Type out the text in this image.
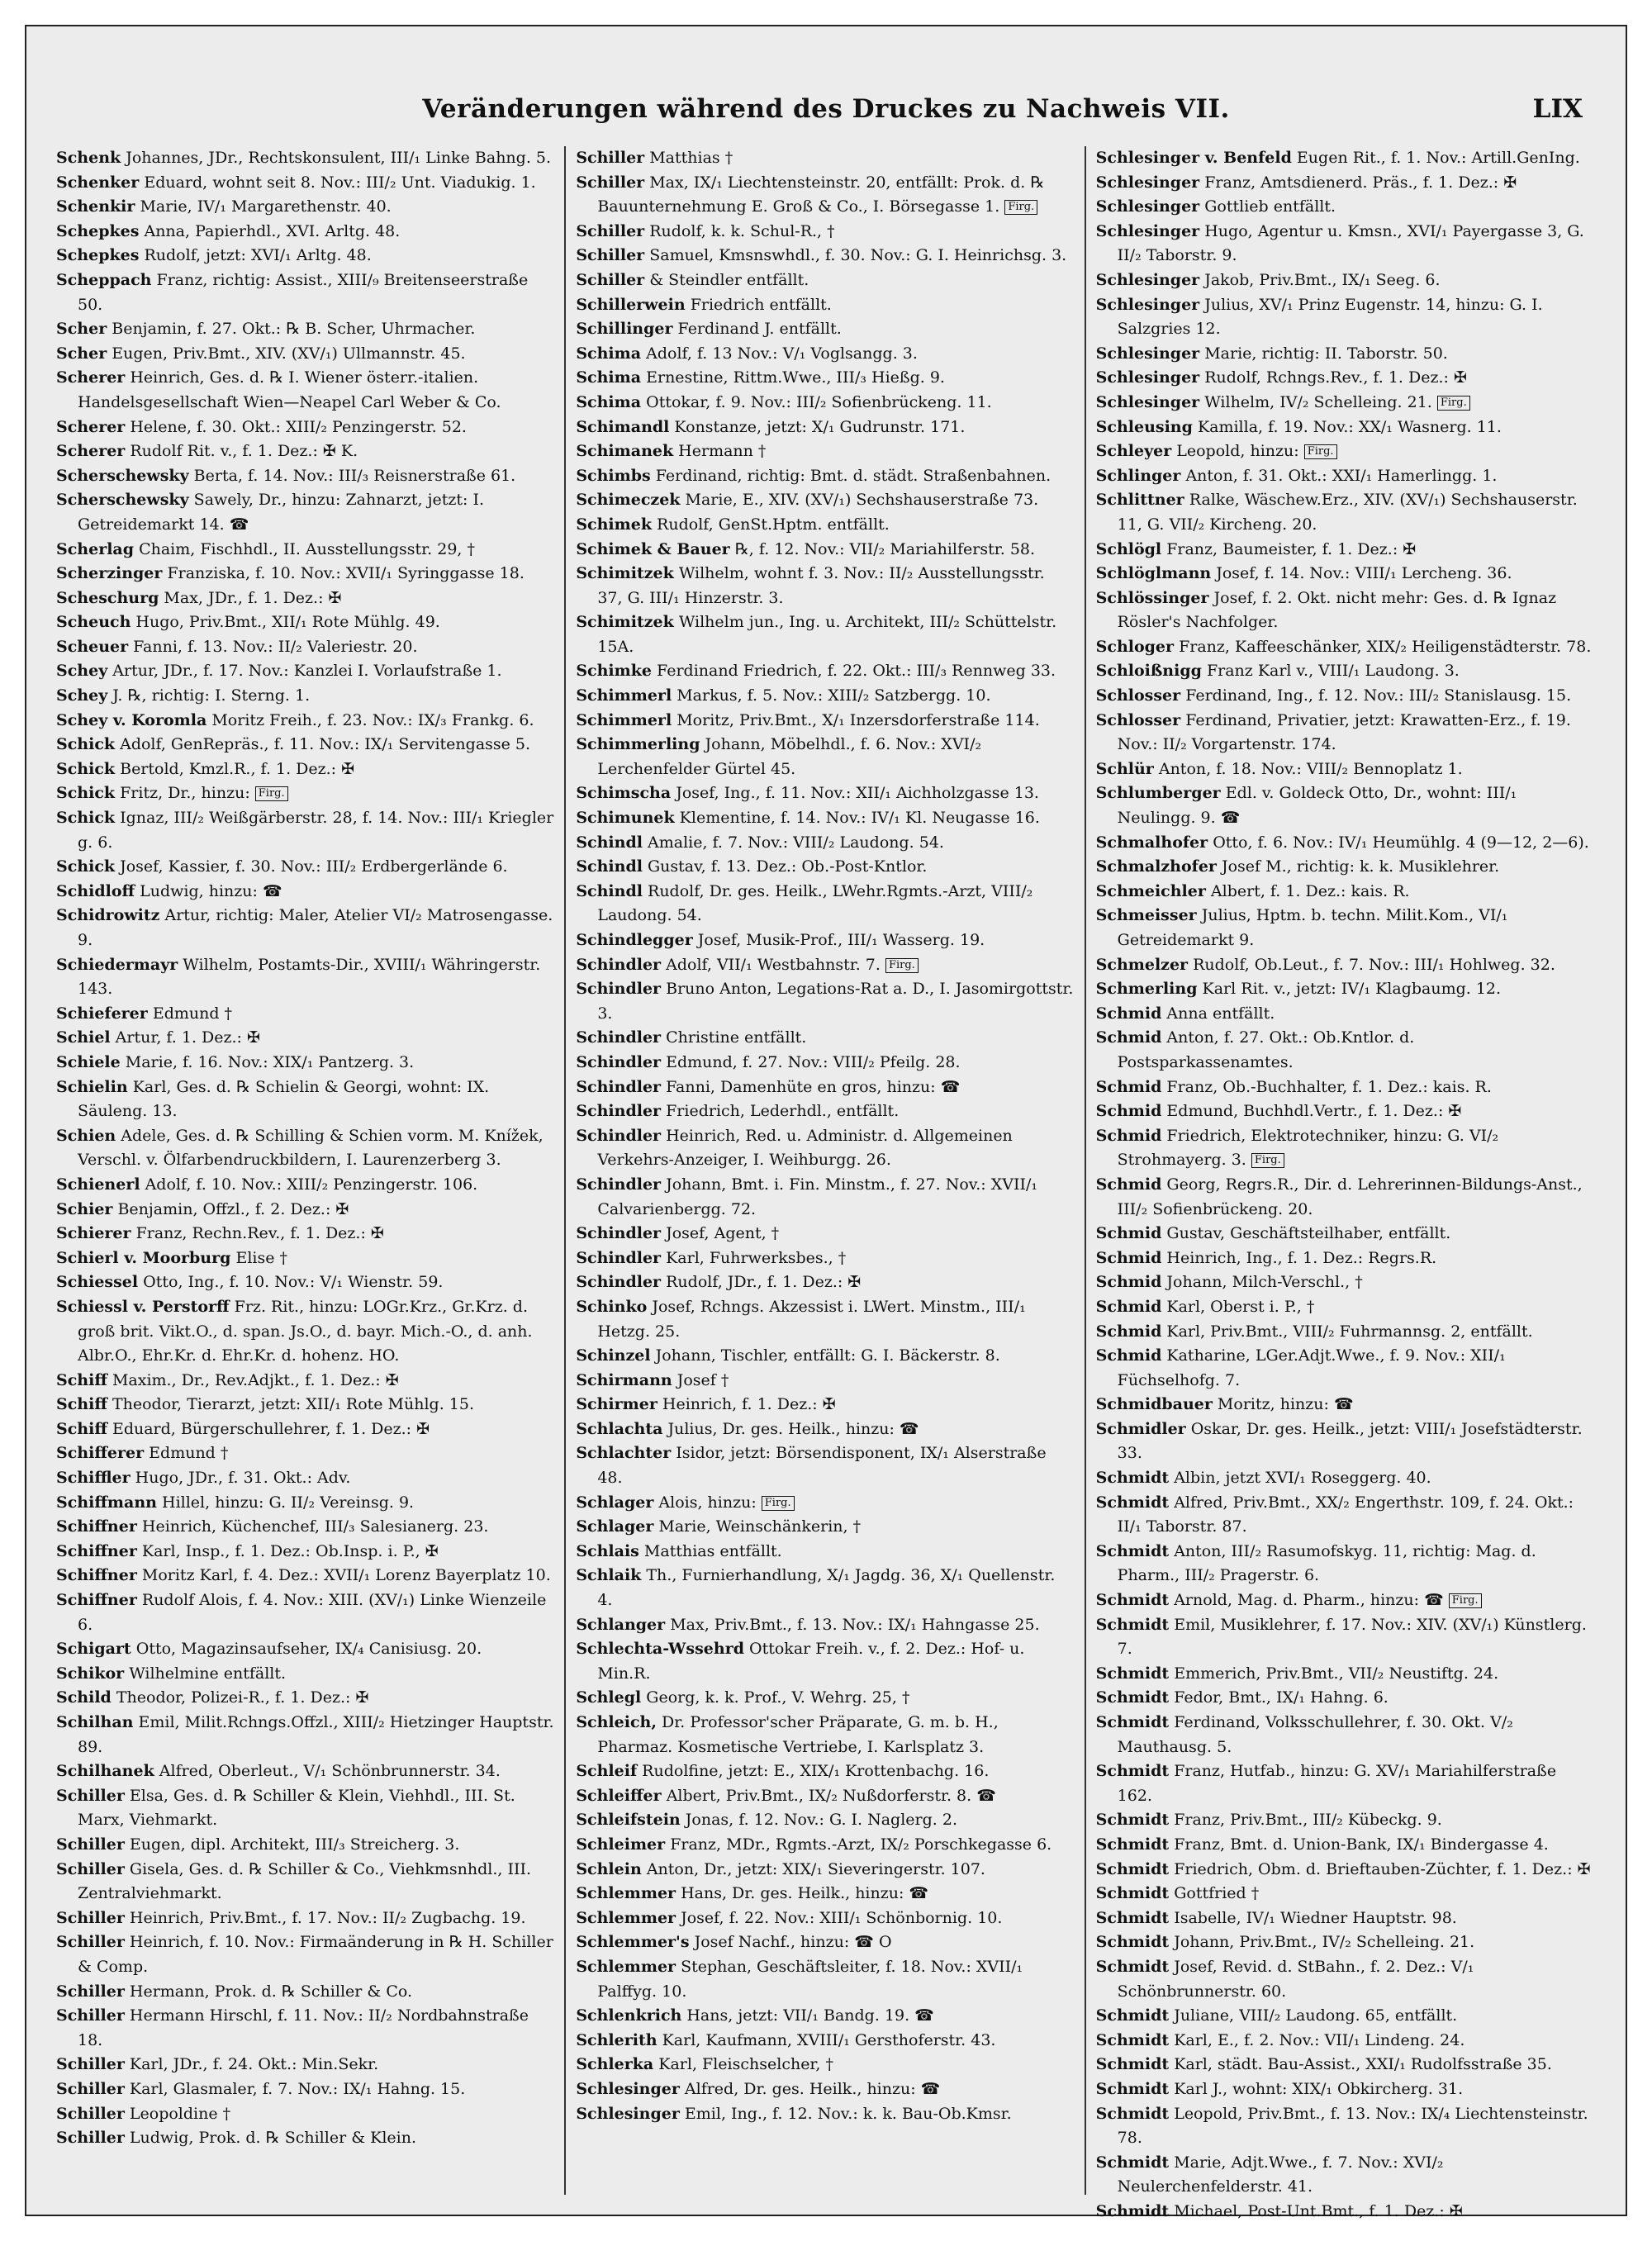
Veränderungen während des Druckes zu Nachweis VII.	LIX
Schenk Johannes, JDr., Rechtskonsulent, III/₁ Linke Bahng. 5.
Schenker Eduard, wohnt seit 8. Nov.: III/₂ Unt. Viadukig. 1.
Schenkir Marie, IV/₁ Margarethenstr. 40.
Schepkes Anna, Papierhdl., XVI. Arltg. 48.
Schepkes Rudolf, jetzt: XVI/₁ Arltg. 48.
Scheppach Franz, richtig: Assist., XIII/₉ Breitenseerstraße 50.
Scher Benjamin, f. 27. Okt.: ℞ B. Scher, Uhrmacher.
Scher Eugen, Priv.Bmt., XIV. (XV/₁) Ullmannstr. 45.
Scherer Heinrich, Ges. d. ℞ I. Wiener österr.-italien. Handelsgesellschaft Wien—Neapel Carl Weber & Co.
Scherer Helene, f. 30. Okt.: XIII/₂ Penzingerstr. 52.
Scherer Rudolf Rit. v., f. 1. Dez.: ✠ K.
Scherschewsky Berta, f. 14. Nov.: III/₃ Reisnerstraße 61.
Scherschewsky Sawely, Dr., hinzu: Zahnarzt, jetzt: I. Getreidemarkt 14. ☎
Scherlag Chaim, Fischhdl., II. Ausstellungsstr. 29, †
Scherzinger Franziska, f. 10. Nov.: XVII/₁ Syringgasse 18.
Scheschurg Max, JDr., f. 1. Dez.: ✠
Scheuch Hugo, Priv.Bmt., XII/₁ Rote Mühlg. 49.
Scheuer Fanni, f. 13. Nov.: II/₂ Valeriestr. 20.
Schey Artur, JDr., f. 17. Nov.: Kanzlei I. Vorlaufstraße 1.
Schey J. ℞, richtig: I. Sterng. 1.
Schey v. Koromla Moritz Freih., f. 23. Nov.: IX/₃ Frankg. 6.
Schick Adolf, GenRepräs., f. 11. Nov.: IX/₁ Servitengasse 5.
Schick Bertold, Kmzl.R., f. 1. Dez.: ✠
Schick Fritz, Dr., hinzu: Firg.
Schick Ignaz, III/₂ Weißgärberstr. 28, f. 14. Nov.: III/₁ Kriegler g. 6.
Schick Josef, Kassier, f. 30. Nov.: III/₂ Erdbergerlände 6.
Schidloff Ludwig, hinzu: ☎
Schidrowitz Artur, richtig: Maler, Atelier VI/₂ Matrosengasse. 9.
Schiedermayr Wilhelm, Postamts-Dir., XVIII/₁ Währingerstr. 143.
Schieferer Edmund †
Schiel Artur, f. 1. Dez.: ✠
Schiele Marie, f. 16. Nov.: XIX/₁ Pantzerg. 3.
Schielin Karl, Ges. d. ℞ Schielin & Georgi, wohnt: IX. Säuleng. 13.
Schien Adele, Ges. d. ℞ Schilling & Schien vorm. M. Knížek, Verschl. v. Ölfarbendruckbildern, I. Laurenzerberg 3.
Schienerl Adolf, f. 10. Nov.: XIII/₂ Penzingerstr. 106.
Schier Benjamin, Offzl., f. 2. Dez.: ✠
Schierer Franz, Rechn.Rev., f. 1. Dez.: ✠
Schierl v. Moorburg Elise †
Schiessel Otto, Ing., f. 10. Nov.: V/₁ Wienstr. 59.
Schiessl v. Perstorff Frz. Rit., hinzu: LOGr.Krz., Gr.Krz. d. groß brit. Vikt.O., d. span. Js.O., d. bayr. Mich.-O., d. anh. Albr.O., Ehr.Kr. d. Ehr.Kr. d. hohenz. HO.
Schiff Maxim., Dr., Rev.Adjkt., f. 1. Dez.: ✠
Schiff Theodor, Tierarzt, jetzt: XII/₁ Rote Mühlg. 15.
Schiff Eduard, Bürgerschullehrer, f. 1. Dez.: ✠
Schifferer Edmund †
Schiffler Hugo, JDr., f. 31. Okt.: Adv.
Schiffmann Hillel, hinzu: G. II/₂ Vereinsg. 9.
Schiffner Heinrich, Küchenchef, III/₃ Salesianerg. 23.
Schiffner Karl, Insp., f. 1. Dez.: Ob.Insp. i. P., ✠
Schiffner Moritz Karl, f. 4. Dez.: XVII/₁ Lorenz Bayerplatz 10.
Schiffner Rudolf Alois, f. 4. Nov.: XIII. (XV/₁) Linke Wienzeile 6.
Schigart Otto, Magazinsaufseher, IX/₄ Canisiusg. 20.
Schikor Wilhelmine entfällt.
Schild Theodor, Polizei-R., f. 1. Dez.: ✠
Schilhan Emil, Milit.Rchngs.Offzl., XIII/₂ Hietzinger Hauptstr. 89.
Schilhanek Alfred, Oberleut., V/₁ Schönbrunnerstr. 34.
Schiller Elsa, Ges. d. ℞ Schiller & Klein, Viehhdl., III. St. Marx, Viehmarkt.
Schiller Eugen, dipl. Architekt, III/₃ Streicherg. 3.
Schiller Gisela, Ges. d. ℞ Schiller & Co., Viehkmsnhdl., III. Zentralviehmarkt.
Schiller Heinrich, Priv.Bmt., f. 17. Nov.: II/₂ Zugbachg. 19.
Schiller Heinrich, f. 10. Nov.: Firmaänderung in ℞ H. Schiller & Comp.
Schiller Hermann, Prok. d. ℞ Schiller & Co.
Schiller Hermann Hirschl, f. 11. Nov.: II/₂ Nordbahnstraße 18.
Schiller Karl, JDr., f. 24. Okt.: Min.Sekr.
Schiller Karl, Glasmaler, f. 7. Nov.: IX/₁ Hahng. 15.
Schiller Leopoldine †
Schiller Ludwig, Prok. d. ℞ Schiller & Klein.
Schiller Matthias †
Schiller Max, IX/₁ Liechtensteinstr. 20, entfällt: Prok. d. ℞ Bauunternehmung E. Groß & Co., I. Börsegasse 1. Firg.
Schiller Rudolf, k. k. Schul-R., †
Schiller Samuel, Kmsnswhdl., f. 30. Nov.: G. I. Heinrichsg. 3.
Schiller & Steindler entfällt.
Schillerwein Friedrich entfällt.
Schillinger Ferdinand J. entfällt.
Schima Adolf, f. 13 Nov.: V/₁ Voglsangg. 3.
Schima Ernestine, Rittm.Wwe., III/₃ Hießg. 9.
Schima Ottokar, f. 9. Nov.: III/₂ Sofienbrückeng. 11.
Schimandl Konstanze, jetzt: X/₁ Gudrunstr. 171.
Schimanek Hermann †
Schimbs Ferdinand, richtig: Bmt. d. städt. Straßenbahnen.
Schimeczek Marie, E., XIV. (XV/₁) Sechshauserstraße 73.
Schimek Rudolf, GenSt.Hptm. entfällt.
Schimek & Bauer ℞, f. 12. Nov.: VII/₂ Mariahilferstr. 58.
Schimitzek Wilhelm, wohnt f. 3. Nov.: II/₂ Ausstellungsstr. 37, G. III/₁ Hinzerstr. 3.
Schimitzek Wilhelm jun., Ing. u. Architekt, III/₂ Schüttelstr. 15A.
Schimke Ferdinand Friedrich, f. 22. Okt.: III/₃ Rennweg 33.
Schimmerl Markus, f. 5. Nov.: XIII/₂ Satzbergg. 10.
Schimmerl Moritz, Priv.Bmt., X/₁ Inzersdorferstraße 114.
Schimmerling Johann, Möbelhdl., f. 6. Nov.: XVI/₂ Lerchenfelder Gürtel 45.
Schimscha Josef, Ing., f. 11. Nov.: XII/₁ Aichholzgasse 13.
Schimunek Klementine, f. 14. Nov.: IV/₁ Kl. Neugasse 16.
Schindl Amalie, f. 7. Nov.: VIII/₂ Laudong. 54.
Schindl Gustav, f. 13. Dez.: Ob.-Post-Kntlor.
Schindl Rudolf, Dr. ges. Heilk., LWehr.Rgmts.-Arzt, VIII/₂ Laudong. 54.
Schindlegger Josef, Musik-Prof., III/₁ Wasserg. 19.
Schindler Adolf, VII/₁ Westbahnstr. 7. Firg.
Schindler Bruno Anton, Legations-Rat a. D., I. Jasomirgottstr. 3.
Schindler Christine entfällt.
Schindler Edmund, f. 27. Nov.: VIII/₂ Pfeilg. 28.
Schindler Fanni, Damenhüte en gros, hinzu: ☎
Schindler Friedrich, Lederhdl., entfällt.
Schindler Heinrich, Red. u. Administr. d. Allgemeinen Verkehrs-Anzeiger, I. Weihburgg. 26.
Schindler Johann, Bmt. i. Fin. Minstm., f. 27. Nov.: XVII/₁ Calvarienbergg. 72.
Schindler Josef, Agent, †
Schindler Karl, Fuhrwerksbes., †
Schindler Rudolf, JDr., f. 1. Dez.: ✠
Schinko Josef, Rchngs. Akzessist i. LWert. Minstm., III/₁ Hetzg. 25.
Schinzel Johann, Tischler, entfällt: G. I. Bäckerstr. 8.
Schirmann Josef †
Schirmer Heinrich, f. 1. Dez.: ✠
Schlachta Julius, Dr. ges. Heilk., hinzu: ☎
Schlachter Isidor, jetzt: Börsendisponent, IX/₁ Alserstraße 48.
Schlager Alois, hinzu: Firg.
Schlager Marie, Weinschänkerin, †
Schlais Matthias entfällt.
Schlaik Th., Furnierhandlung, X/₁ Jagdg. 36, X/₁ Quellenstr. 4.
Schlanger Max, Priv.Bmt., f. 13. Nov.: IX/₁ Hahngasse 25.
Schlechta-Wssehrd Ottokar Freih. v., f. 2. Dez.: Hof- u. Min.R.
Schlegl Georg, k. k. Prof., V. Wehrg. 25, †
Schleich, Dr. Professor'scher Präparate, G. m. b. H., Pharmaz. Kosmetische Vertriebe, I. Karlsplatz 3.
Schleif Rudolfine, jetzt: E., XIX/₁ Krottenbachg. 16.
Schleiffer Albert, Priv.Bmt., IX/₂ Nußdorferstr. 8. ☎
Schleifstein Jonas, f. 12. Nov.: G. I. Naglerg. 2.
Schleimer Franz, MDr., Rgmts.-Arzt, IX/₂ Porschkegasse 6.
Schlein Anton, Dr., jetzt: XIX/₁ Sieveringerstr. 107.
Schlemmer Hans, Dr. ges. Heilk., hinzu: ☎
Schlemmer Josef, f. 22. Nov.: XIII/₁ Schönbornig. 10.
Schlemmer's Josef Nachf., hinzu: ☎ O
Schlemmer Stephan, Geschäftsleiter, f. 18. Nov.: XVII/₁ Palffyg. 10.
Schlenkrich Hans, jetzt: VII/₁ Bandg. 19. ☎
Schlerith Karl, Kaufmann, XVIII/₁ Gersthoferstr. 43.
Schlerka Karl, Fleischselcher, †
Schlesinger Alfred, Dr. ges. Heilk., hinzu: ☎
Schlesinger Emil, Ing., f. 12. Nov.: k. k. Bau-Ob.Kmsr.
Schlesinger v. Benfeld Eugen Rit., f. 1. Nov.: Artill.GenIng.
Schlesinger Franz, Amtsdienerd. Präs., f. 1. Dez.: ✠
Schlesinger Gottlieb entfällt.
Schlesinger Hugo, Agentur u. Kmsn., XVI/₁ Payergasse 3, G. II/₂ Taborstr. 9.
Schlesinger Jakob, Priv.Bmt., IX/₁ Seeg. 6.
Schlesinger Julius, XV/₁ Prinz Eugenstr. 14, hinzu: G. I. Salzgries 12.
Schlesinger Marie, richtig: II. Taborstr. 50.
Schlesinger Rudolf, Rchngs.Rev., f. 1. Dez.: ✠
Schlesinger Wilhelm, IV/₂ Schelleing. 21. Firg.
Schleusing Kamilla, f. 19. Nov.: XX/₁ Wasnerg. 11.
Schleyer Leopold, hinzu: Firg.
Schlinger Anton, f. 31. Okt.: XXI/₁ Hamerlingg. 1.
Schlittner Ralke, Wäschew.Erz., XIV. (XV/₁) Sechshauserstr. 11, G. VII/₂ Kircheng. 20.
Schlögl Franz, Baumeister, f. 1. Dez.: ✠
Schlöglmann Josef, f. 14. Nov.: VIII/₁ Lercheng. 36.
Schlössinger Josef, f. 2. Okt. nicht mehr: Ges. d. ℞ Ignaz Rösler's Nachfolger.
Schloger Franz, Kaffeeschänker, XIX/₂ Heiligenstädterstr. 78.
Schloißnigg Franz Karl v., VIII/₁ Laudong. 3.
Schlosser Ferdinand, Ing., f. 12. Nov.: III/₂ Stanislausg. 15.
Schlosser Ferdinand, Privatier, jetzt: Krawatten-Erz., f. 19. Nov.: II/₂ Vorgartenstr. 174.
Schlür Anton, f. 18. Nov.: VIII/₂ Bennoplatz 1.
Schlumberger Edl. v. Goldeck Otto, Dr., wohnt: III/₁ Neulingg. 9. ☎
Schmalhofer Otto, f. 6. Nov.: IV/₁ Heumühlg. 4 (9—12, 2—6).
Schmalzhofer Josef M., richtig: k. k. Musiklehrer.
Schmeichler Albert, f. 1. Dez.: kais. R.
Schmeisser Julius, Hptm. b. techn. Milit.Kom., VI/₁ Getreidemarkt 9.
Schmelzer Rudolf, Ob.Leut., f. 7. Nov.: III/₁ Hohlweg. 32.
Schmerling Karl Rit. v., jetzt: IV/₁ Klagbaumg. 12.
Schmid Anna entfällt.
Schmid Anton, f. 27. Okt.: Ob.Kntlor. d. Postsparkassenamtes.
Schmid Franz, Ob.-Buchhalter, f. 1. Dez.: kais. R.
Schmid Edmund, Buchhdl.Vertr., f. 1. Dez.: ✠
Schmid Friedrich, Elektrotechniker, hinzu: G. VI/₂ Strohmayerg. 3. Firg.
Schmid Georg, Regrs.R., Dir. d. Lehrerinnen-Bildungs-Anst., III/₂ Sofienbrückeng. 20.
Schmid Gustav, Geschäftsteilhaber, entfällt.
Schmid Heinrich, Ing., f. 1. Dez.: Regrs.R.
Schmid Johann, Milch-Verschl., †
Schmid Karl, Oberst i. P., †
Schmid Karl, Priv.Bmt., VIII/₂ Fuhrmannsg. 2, entfällt.
Schmid Katharine, LGer.Adjt.Wwe., f. 9. Nov.: XII/₁ Füchselhofg. 7.
Schmidbauer Moritz, hinzu: ☎
Schmidler Oskar, Dr. ges. Heilk., jetzt: VIII/₁ Josefstädterstr. 33.
Schmidt Albin, jetzt XVI/₁ Roseggerg. 40.
Schmidt Alfred, Priv.Bmt., XX/₂ Engerthstr. 109, f. 24. Okt.: II/₁ Taborstr. 87.
Schmidt Anton, III/₂ Rasumofskyg. 11, richtig: Mag. d. Pharm., III/₂ Pragerstr. 6.
Schmidt Arnold, Mag. d. Pharm., hinzu: ☎ Firg.
Schmidt Emil, Musiklehrer, f. 17. Nov.: XIV. (XV/₁) Künstlerg. 7.
Schmidt Emmerich, Priv.Bmt., VII/₂ Neustiftg. 24.
Schmidt Fedor, Bmt., IX/₁ Hahng. 6.
Schmidt Ferdinand, Volksschullehrer, f. 30. Okt. V/₂ Mauthausg. 5.
Schmidt Franz, Hutfab., hinzu: G. XV/₁ Mariahilferstraße 162.
Schmidt Franz, Priv.Bmt., III/₂ Kübeckg. 9.
Schmidt Franz, Bmt. d. Union-Bank, IX/₁ Bindergasse 4.
Schmidt Friedrich, Obm. d. Brieftauben-Züchter, f. 1. Dez.: ✠
Schmidt Gottfried †
Schmidt Isabelle, IV/₁ Wiedner Hauptstr. 98.
Schmidt Johann, Priv.Bmt., IV/₂ Schelleing. 21.
Schmidt Josef, Revid. d. StBahn., f. 2. Dez.: V/₁ Schönbrunnerstr. 60.
Schmidt Juliane, VIII/₂ Laudong. 65, entfällt.
Schmidt Karl, E., f. 2. Nov.: VII/₁ Lindeng. 24.
Schmidt Karl, städt. Bau-Assist., XXI/₁ Rudolfsstraße 35.
Schmidt Karl J., wohnt: XIX/₁ Obkircherg. 31.
Schmidt Leopold, Priv.Bmt., f. 13. Nov.: IX/₄ Liechtensteinstr. 78.
Schmidt Marie, Adjt.Wwe., f. 7. Nov.: XVI/₂ Neulerchenfelderstr. 41.
Schmidt Michael, Post-Unt.Bmt., f. 1. Dez.: ✠
